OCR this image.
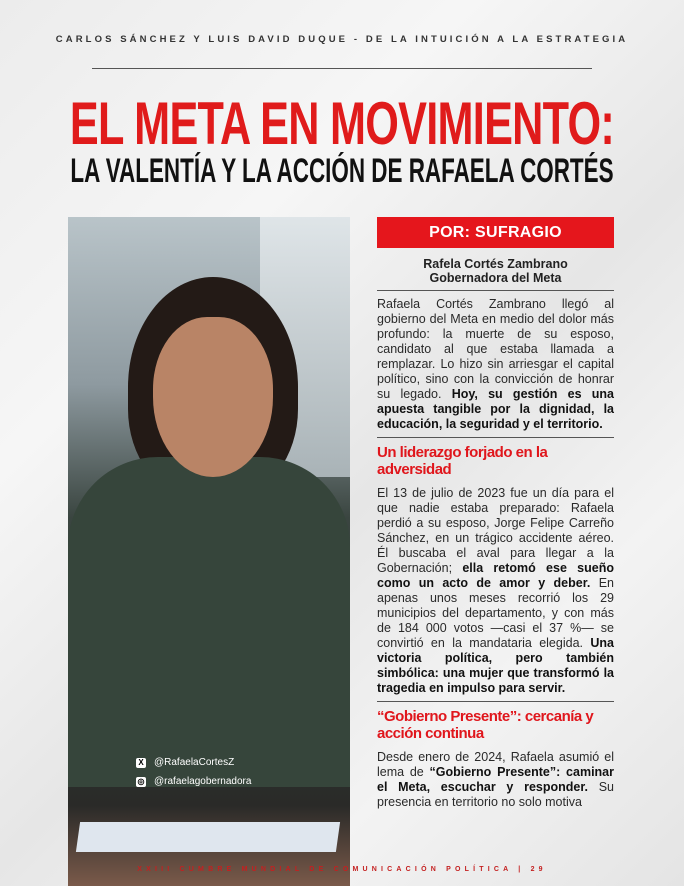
CARLOS SÁNCHEZ Y LUIS DAVID DUQUE - DE LA INTUICIÓN A LA ESTRATEGIA
EL META EN MOVIMIENTO:
LA VALENTÍA Y LA ACCIÓN DE RAFAELA CORTÉS
X @RafaelaCortesZ
◎ @rafaelagobernadora
POR: SUFRAGIO
Rafela Cortés Zambrano
Gobernadora del Meta
Rafaela Cortés Zambrano llegó al gobierno del Meta en medio del dolor más profundo: la muerte de su esposo, candidato al que estaba llamada a remplazar. Lo hizo sin arriesgar el capital político, sino con la convicción de honrar su legado. Hoy, su gestión es una apuesta tangible por la dignidad, la educación, la seguridad y el territorio.
Un liderazgo forjado en la adversidad
El 13 de julio de 2023 fue un día para el que nadie estaba preparado: Rafaela perdió a su esposo, Jorge Felipe Carreño Sánchez, en un trágico accidente aéreo. Él buscaba el aval para llegar a la Gobernación; ella retomó ese sueño como un acto de amor y deber. En apenas unos meses recorrió los 29 municipios del departamento, y con más de 184 000 votos —casi el 37 %— se convirtió en la mandataria elegida. Una victoria política, pero también simbólica: una mujer que transformó la tragedia en impulso para servir.
“Gobierno Presente”: cercanía y acción continua
Desde enero de 2024, Rafaela asumió el lema de “Gobierno Presente”: caminar el Meta, escuchar y responder. Su presencia en territorio no solo motiva
XXIII CUMBRE MUNDIAL DE COMUNICACIÓN POLÍTICA | 29
